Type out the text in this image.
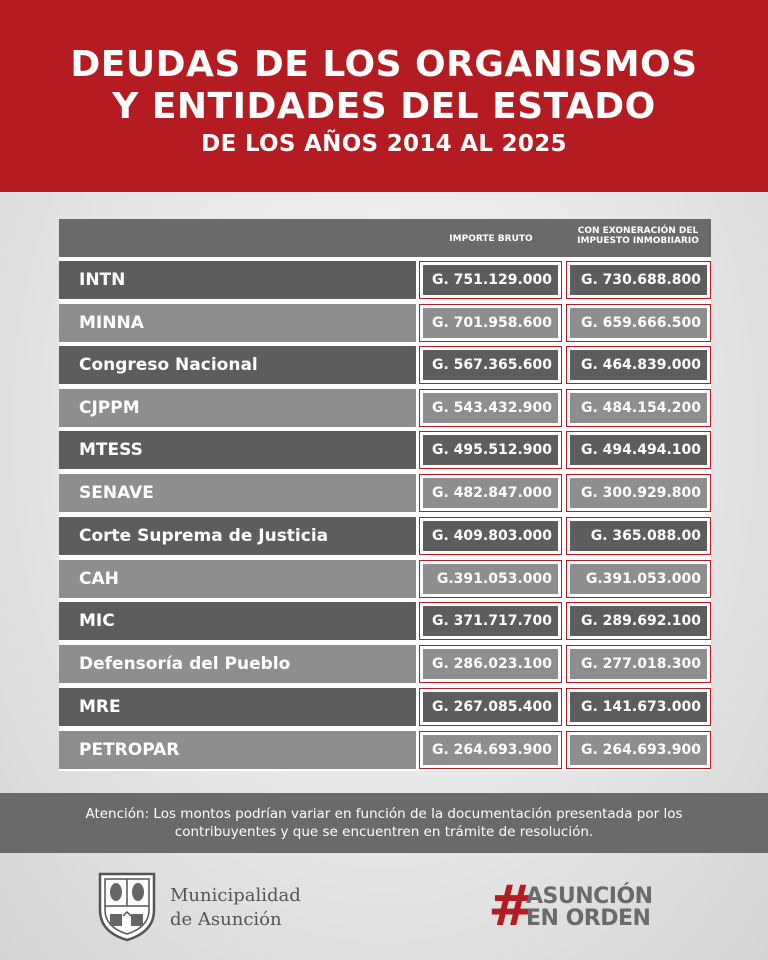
DEUDAS DE LOS ORGANISMOS
Y ENTIDADES DEL ESTADO
DE LOS AÑOS 2014 AL 2025
IMPORTE BRUTO
CON EXONERACIÓN DEL
IMPUESTO INMOBIIARIO
INTN	G. 751.129.000	G. 730.688.800
MINNA	G. 701.958.600	G. 659.666.500
Congreso Nacional	G. 567.365.600	G. 464.839.000
CJPPM	G. 543.432.900	G. 484.154.200
MTESS	G. 495.512.900	G. 494.494.100
SENAVE	G. 482.847.000	G. 300.929.800
Corte Suprema de Justicia	G. 409.803.000	G. 365.088.00
CAH	G.391.053.000	G.391.053.000
MIC	G. 371.717.700	G. 289.692.100
Defensoría del Pueblo	G. 286.023.100	G. 277.018.300
MRE	G. 267.085.400	G. 141.673.000
PETROPAR	G. 264.693.900	G. 264.693.900
Atención: Los montos podrían variar en función de la documentación presentada por los
contribuyentes y que se encuentren en trámite de resolución.
Municipalidad
de Asunción	#
ASUNCIÓN
EN ORDEN
